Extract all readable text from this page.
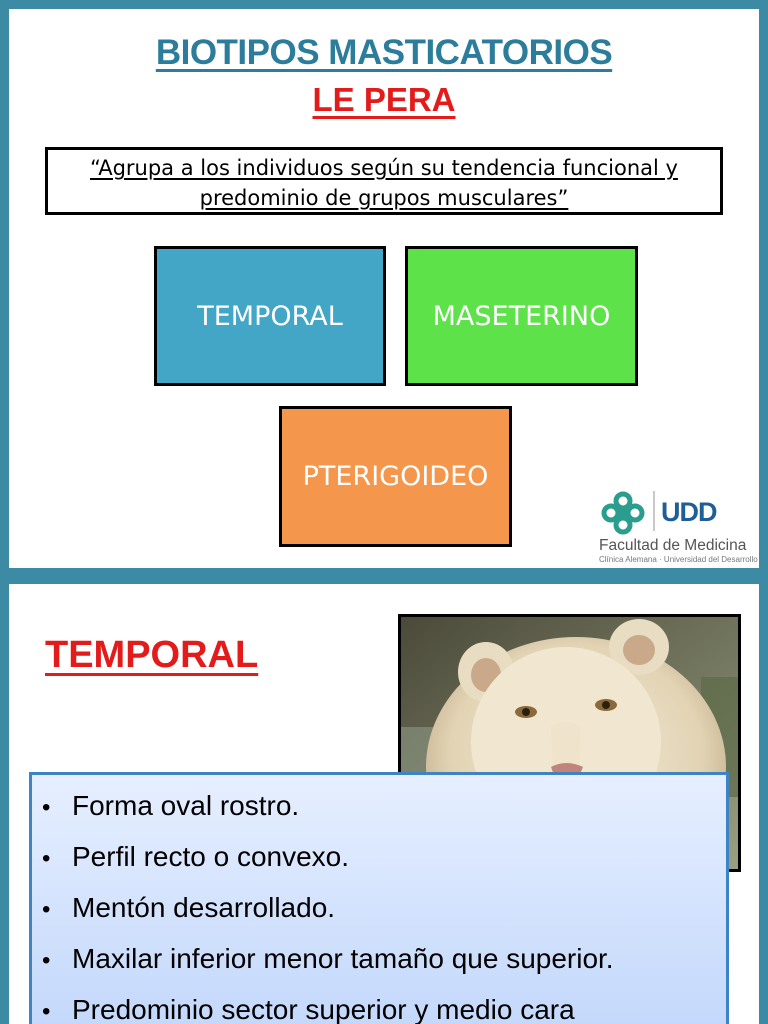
BIOTIPOS MASTICATORIOS
LE PERA
“Agrupa a los individuos según su tendencia funcional y predominio de grupos musculares”
TEMPORAL	MASETERINO
PTERIGOIDEO
UDD
Facultad de Medicina
Clínica Alemana · Universidad del Desarrollo
TEMPORAL
• Forma oval rostro.
• Perfil recto o convexo.
• Mentón desarrollado.
• Maxilar inferior menor tamaño que superior.
• Predominio sector superior y medio cara
